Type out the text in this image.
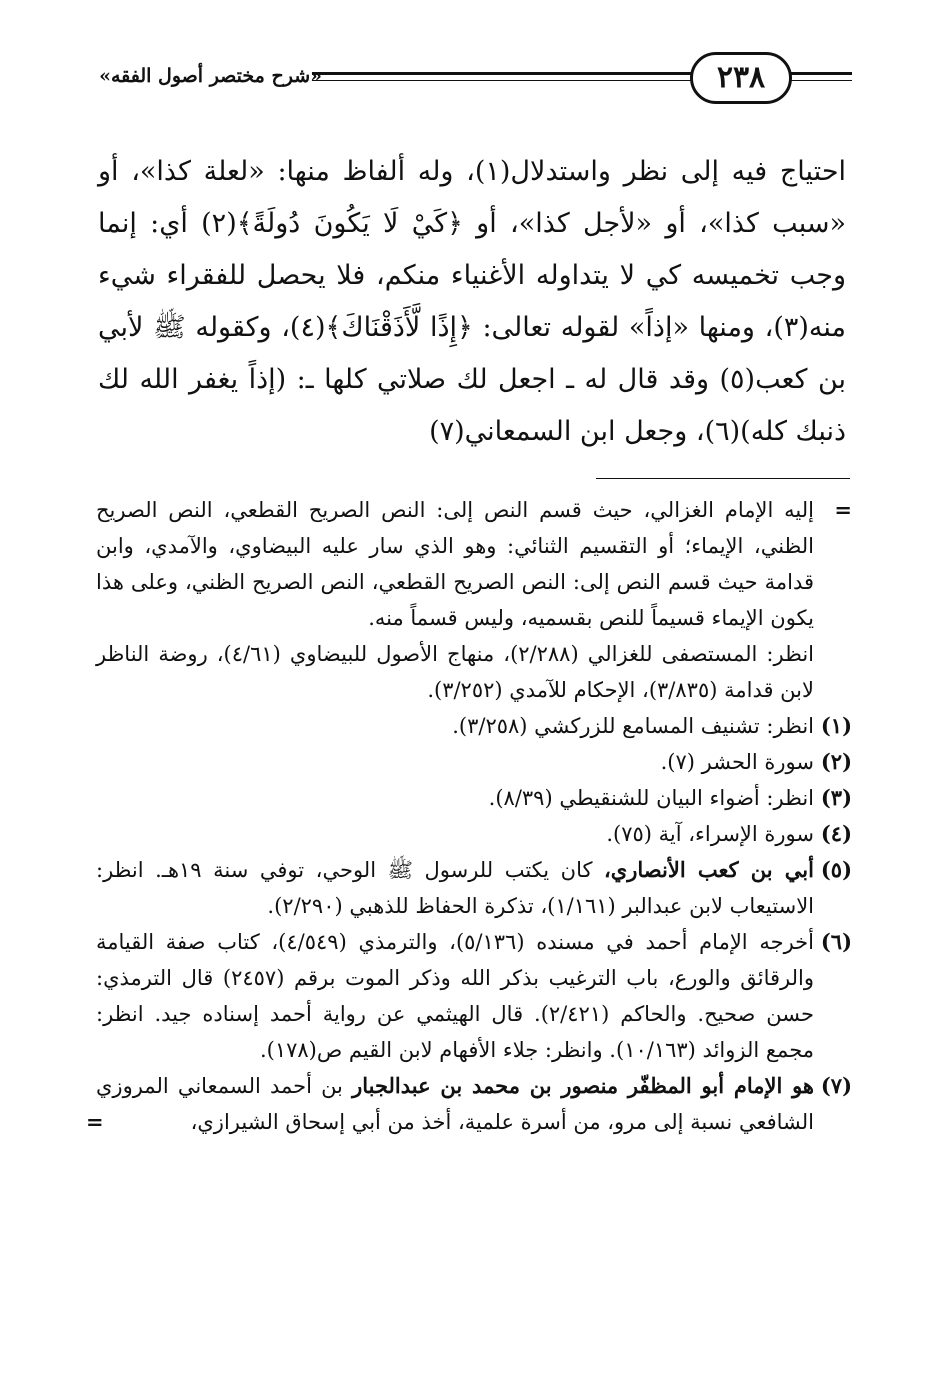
«شرح مختصر أصول الفقه»	٢٣٨

احتياج فيه إلى نظر واستدلال(١)، وله ألفاظ منها: «لعلة كذا»، أو «سبب كذا»، أو «لأجل كذا»، أو ﴿كَيْ لَا يَكُونَ دُولَةً﴾(٢) أي: إنما وجب تخميسه كي لا يتداوله الأغنياء منكم، فلا يحصل للفقراء شيء منه(٣)، ومنها «إذاً» لقوله تعالى: ﴿إِذًا لَّأَذَقْنَاكَ﴾(٤)، وكقوله ﷺ لأبي بن كعب(٥) وقد قال له ـ اجعل لك صلاتي كلها ـ: (إذاً يغفر الله لك ذنبك كله)(٦)، وجعل ابن السمعاني(٧)

=
إليه الإمام الغزالي، حيث قسم النص إلى: النص الصريح القطعي، النص الصريح الظني، الإيماء؛ أو التقسيم الثنائي: وهو الذي سار عليه البيضاوي، والآمدي، وابن قدامة حيث قسم النص إلى: النص الصريح القطعي، النص الصريح الظني، وعلى هذا يكون الإيماء قسيماً للنص بقسميه، وليس قسماً منه.
انظر: المستصفى للغزالي (٢/٢٨٨)، منهاج الأصول للبيضاوي (٤/٦١)، روضة الناظر لابن قدامة (٣/٨٣٥)، الإحكام للآمدي (٣/٢٥٢).
(١)
انظر: تشنيف المسامع للزركشي (٣/٢٥٨).
(٢)
سورة الحشر (٧).
(٣)
انظر: أضواء البيان للشنقيطي (٨/٣٩).
(٤)
سورة الإسراء، آية (٧٥).
(٥)
أبي بن كعب الأنصاري، كان يكتب للرسول ﷺ الوحي، توفي سنة ١٩هـ. انظر: الاستيعاب لابن عبدالبر (١/١٦١)، تذكرة الحفاظ للذهبي (٢/٢٩٠).
(٦)
أخرجه الإمام أحمد في مسنده (٥/١٣٦)، والترمذي (٤/٥٤٩)، كتاب صفة القيامة والرقائق والورع، باب الترغيب بذكر الله وذكر الموت برقم (٢٤٥٧) قال الترمذي: حسن صحيح. والحاكم (٢/٤٢١). قال الهيثمي عن رواية أحمد إسناده جيد. انظر: مجمع الزوائد (١٠/١٦٣). وانظر: جلاء الأفهام لابن القيم ص(١٧٨).
(٧)
هو الإمام أبو المظفّر منصور بن محمد بن عبدالجبار بن أحمد السمعاني المروزي الشافعي نسبة إلى مرو، من أسرة علمية، أخذ من أبي إسحاق الشيرازي،
=
